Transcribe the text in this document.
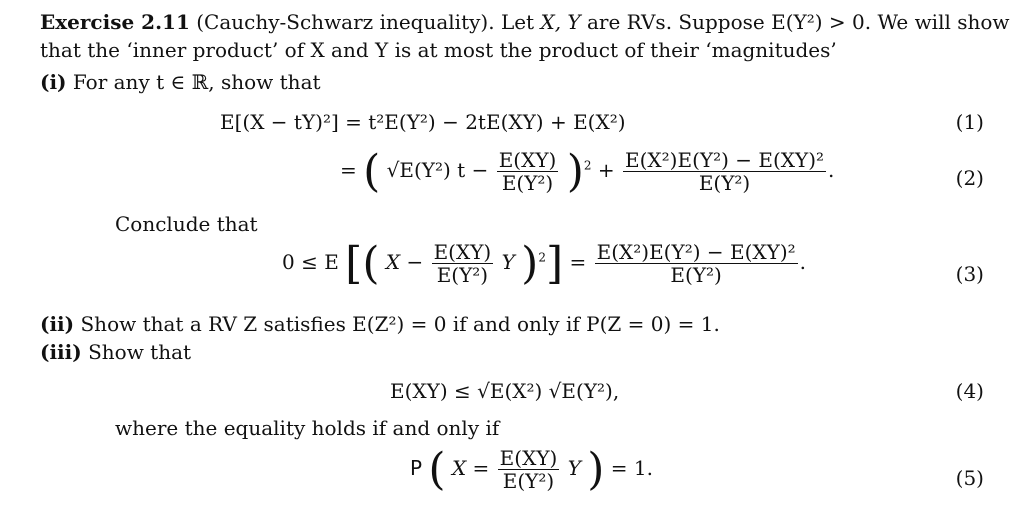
Exercise 2.11 (Cauchy-Schwarz inequality). Let X, Y are RVs. Suppose E(Y²) > 0. We will show
that the ‘inner product’ of X and Y is at most the product of their ‘magnitudes’
(i) For any t ∈ ℝ, show that
E[(X − tY)²] = t²E(Y²) − 2tE(XY) + E(X²)	(1)
= ( √E(Y²) $t - \frac{E(XY)}{\text{E(Y²)}} )^2 + \frac{\text{E(X²)E(Y²) − E(XY)²}}{\text{E(Y²)}}$ .	(2)
Conclude that
0 ≤ E [( $X - \frac{E(XY)}{\text{E(Y²)}}$ Y )$^2] = \frac{\text{E(X²)E(Y²) − E(XY)²}}{\text{E(Y²)}}$ .	(3)
(ii) Show that a RV Z satisfies E(Z²) = 0 if and only if P(Z = 0) = 1.
(iii) Show that
E(XY) ≤ √E(X²) √E(Y²),	(4)
where the equality holds if and only if
P ( $X = \frac{E(XY)}{\text{E(Y²)}}$ Y ) = 1.	(5)
